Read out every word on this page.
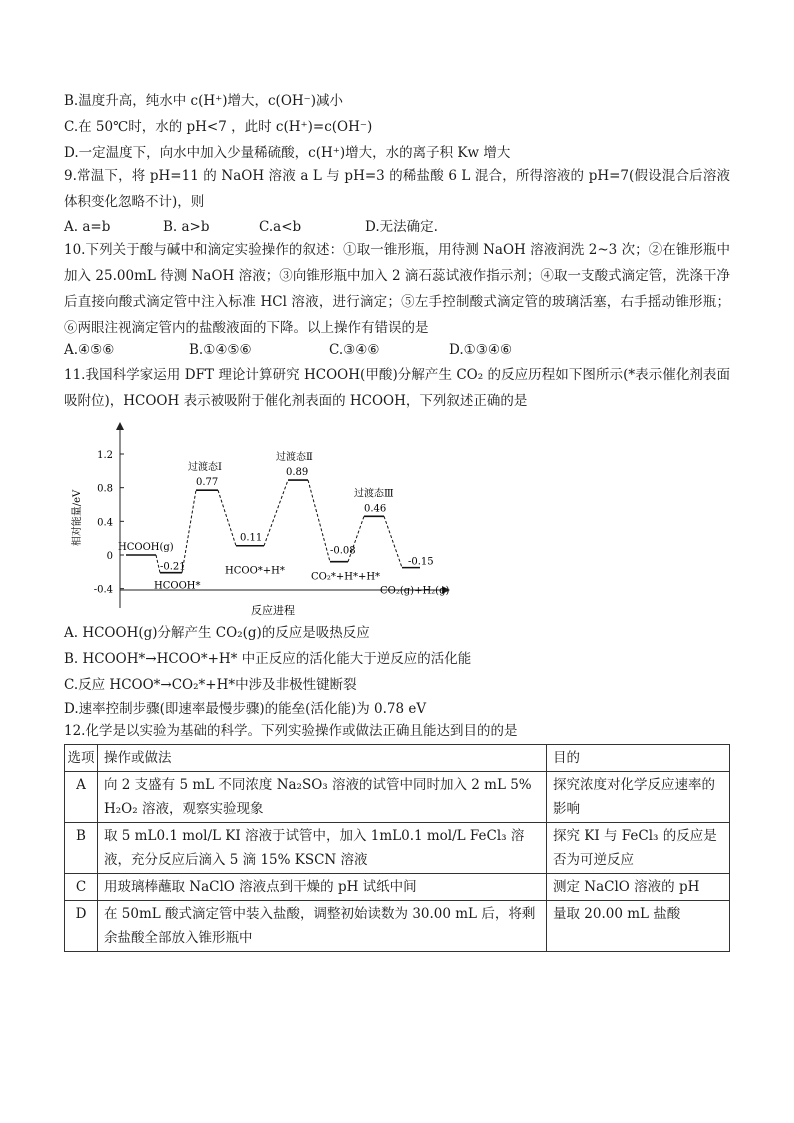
B.温度升高，纯水中 c(H⁺)增大，c(OH⁻)减小
C.在 50℃时，水的 pH<7 ，此时 c(H⁺)=c(OH⁻)
D.一定温度下，向水中加入少量稀硫酸，c(H⁺)增大，水的离子积 Kw 增大
9.常温下，将 pH=11 的 NaOH 溶液 a L 与 pH=3 的稀盐酸 6 L 混合，所得溶液的 pH=7(假设混合后溶液体积变化忽略不计)，则
A. a=b	B. a>b	C.a<b	D.无法确定.
10.下列关于酸与碱中和滴定实验操作的叙述：①取一锥形瓶，用待测 NaOH 溶液润洗 2~3 次；②在锥形瓶中加入 25.00mL 待测 NaOH 溶液；③向锥形瓶中加入 2 滴石蕊试液作指示剂；④取一支酸式滴定管，洗涤干净后直接向酸式滴定管中注入标准 HCl 溶液，进行滴定；⑤左手控制酸式滴定管的玻璃活塞，右手摇动锥形瓶；⑥两眼注视滴定管内的盐酸液面的下降。以上操作有错误的是
A.④⑤⑥	B.①④⑤⑥	C.③④⑥	D.①③④⑥
11.我国科学家运用 DFT 理论计算研究 HCOOH(甲酸)分解产生 CO₂ 的反应历程如下图所示(*表示催化剂表面吸附位)，HCOOH 表示被吸附于催化剂表面的 HCOOH，下列叙述正确的是
相对能量/eV
1.2
0.8
0.4
0
-0.4
HCOOH(g)
HCOOH*
过渡态Ⅰ
HCOO*+H*
过渡态Ⅱ
CO₂*+H*+H*
过渡态Ⅲ
CO₂(g)+H₂(g)
-0.21
0.77
0.11
0.89
-0.08
0.46
-0.15
反应进程
A. HCOOH(g)分解产生 CO₂(g)的反应是吸热反应
B. HCOOH*→HCOO*+H* 中正反应的活化能大于逆反应的活化能
C.反应 HCOO*→CO₂*+H*中涉及非极性键断裂
D.速率控制步骤(即速率最慢步骤)的能垒(活化能)为 0.78 eV
12.化学是以实验为基础的科学。下列实验操作或做法正确且能达到目的的是
选项	操作或做法	目的
A	向 2 支盛有 5 mL 不同浓度 Na₂SO₃ 溶液的试管中同时加入 2 mL 5% H₂O₂ 溶液，观察实验现象	探究浓度对化学反应速率的影响
B	取 5 mL0.1 mol/L KI 溶液于试管中，加入 1mL0.1 mol/L FeCl₃ 溶液，充分反应后滴入 5 滴 15% KSCN 溶液	探究 KI 与 FeCl₃ 的反应是否为可逆反应
C	用玻璃棒蘸取 NaClO 溶液点到干燥的 pH 试纸中间	测定 NaClO 溶液的 pH
D	在 50mL 酸式滴定管中装入盐酸，调整初始读数为 30.00 mL 后，将剩余盐酸全部放入锥形瓶中	量取 20.00 mL 盐酸
